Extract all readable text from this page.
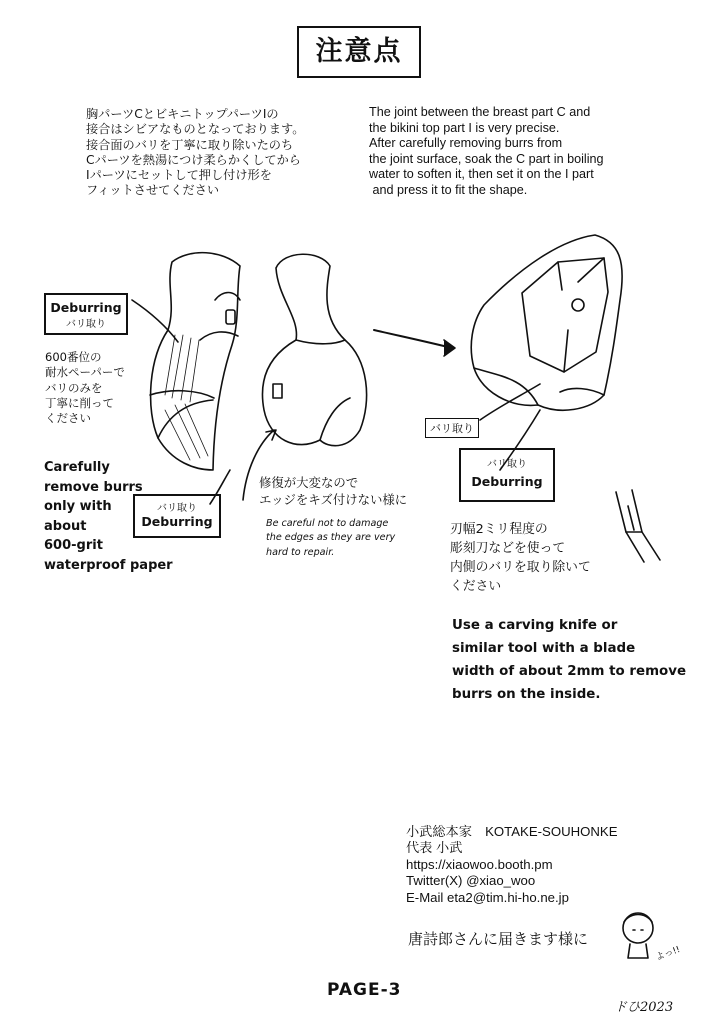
注意点
胸パーツCとビキニトップパーツIの
接合はシビアなものとなっております。
接合面のバリを丁寧に取り除いたのち
Cパーツを熱湯につけ柔らかくしてから
Iパーツにセットして押し付け形を
フィットさせてください
The joint between the breast part C and
the bikini top part I is very precise.
After carefully removing burrs from
the joint surface, soak the C part in boiling
water to soften it, then set it on the I part
and press it to fit the shape.
Deburring
バリ取り
600番位の
耐水ペーパーで
バリのみを
丁寧に削って
ください
Carefully
remove burrs
only with
about
600-grit
waterproof paper
バリ取り
Deburring
修復が大変なので
エッジをキズ付けない様に
Be careful not to damage
the edges as they are very
hard to repair.
バリ取り
バリ取り
Deburring
刃幅2ミリ程度の
彫刻刀などを使って
内側のバリを取り除いて
ください
Use a carving knife or
similar tool with a blade
width of about 2mm to remove
burrs on the inside.
小武総本家　KOTAKE-SOUHONKE
代表 小武
https://xiaowoo.booth.pm
Twitter(X) @xiao_woo
E-Mail eta2@tim.hi-ho.ne.jp
唐詩郎さんに届きます様に
よっ!!
PAGE-3
ドひ2023
